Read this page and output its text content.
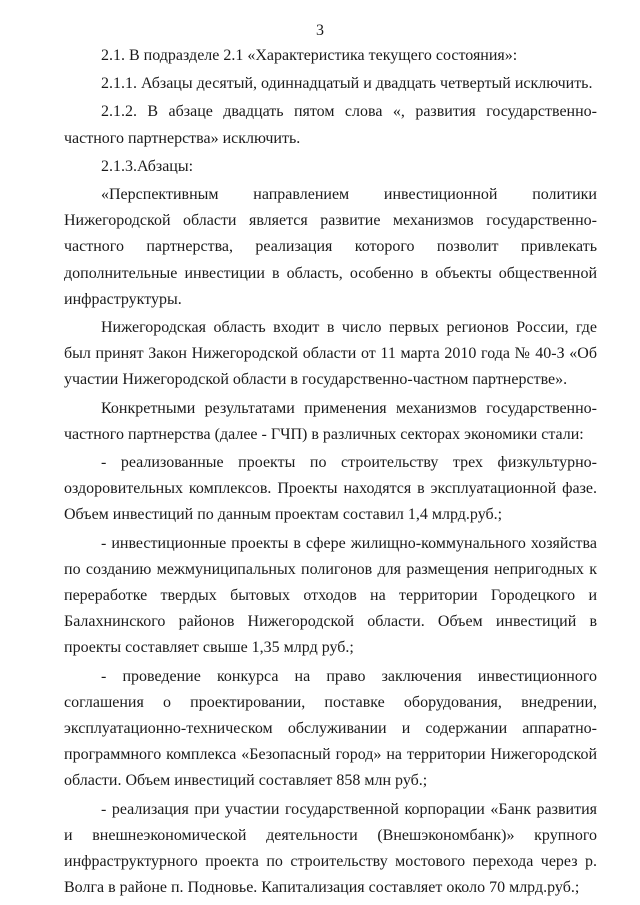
3

2.1. В подразделе 2.1 «Характеристика текущего состояния»:

2.1.1. Абзацы десятый, одиннадцатый и двадцать четвертый исключить.

2.1.2. В абзаце двадцать пятом слова «, развития государственно-частного партнерства» исключить.

2.1.3.Абзацы:

«Перспективным направлением инвестиционной политики Нижегородской области является развитие механизмов государственно-частного партнерства, реализация которого позволит привлекать дополнительные инвестиции в область, особенно в объекты общественной инфраструктуры.

Нижегородская область входит в число первых регионов России, где был принят Закон Нижегородской области от 11 марта 2010 года № 40-З «Об участии Нижегородской области в государственно-частном партнерстве».

Конкретными результатами применения механизмов государственно-частного партнерства (далее - ГЧП) в различных секторах экономики стали:

- реализованные проекты по строительству трех физкультурно-оздоровительных комплексов. Проекты находятся в эксплуатационной фазе. Объем инвестиций по данным проектам составил 1,4 млрд.руб.;

- инвестиционные проекты в сфере жилищно-коммунального хозяйства по созданию межмуниципальных полигонов для размещения непригодных к переработке твердых бытовых отходов на территории Городецкого и Балахнинского районов Нижегородской области. Объем инвестиций в проекты составляет свыше 1,35 млрд руб.;

- проведение конкурса на право заключения инвестиционного соглашения о проектировании, поставке оборудования, внедрении, эксплуатационно-техническом обслуживании и содержании аппаратно-программного комплекса «Безопасный город» на территории Нижегородской области. Объем инвестиций составляет 858 млн руб.;

- реализация при участии государственной корпорации «Банк развития и внешнеэкономической деятельности (Внешэкономбанк)» крупного инфраструктурного проекта по строительству мостового перехода через р. Волга в районе п. Подновье. Капитализация составляет около 70 млрд.руб.;
